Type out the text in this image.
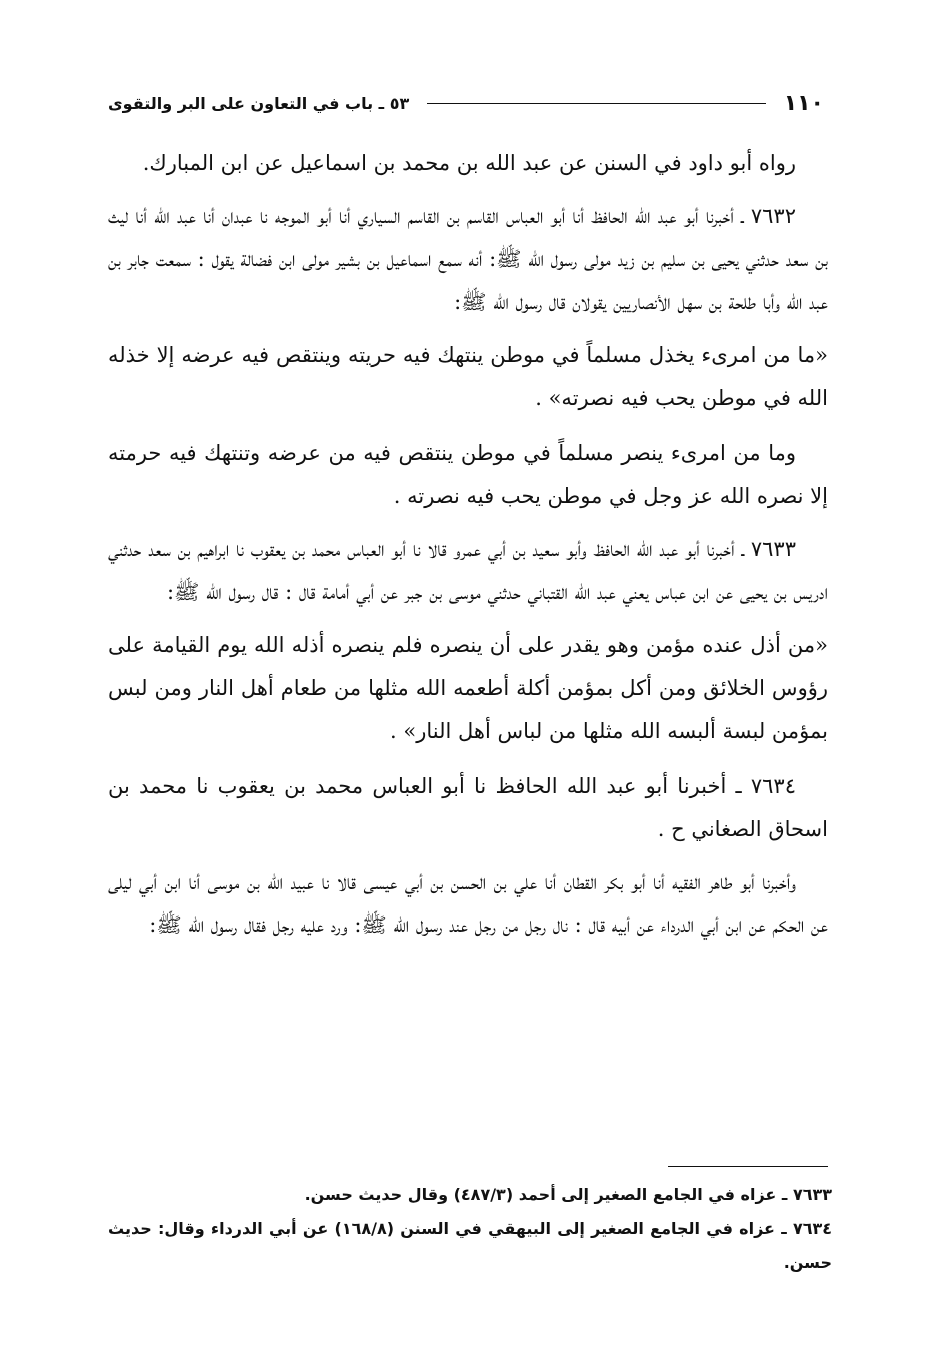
١١٠
٥٣ ـ باب في التعاون على البر والتقوى

رواه أبو داود في السنن عن عبد الله بن محمد بن اسماعيل عن ابن المبارك.

٧٦٣٢ ـ أخبرنا أبو عبد الله الحافظ أنا أبو العباس القاسم بن القاسم السياري أنا أبو الموجه نا عبدان أنا عبد الله أنا ليث بن سعد حدثني يحيى بن سليم بن زيد مولى رسول الله ﷺ: أنه سمع اسماعيل بن بشير مولى ابن فضالة يقول : سمعت جابر بن عبد الله وأبا طلحة بن سهل الأنصاريين يقولان قال رسول الله ﷺ:

«ما من امرىء يخذل مسلماً في موطن ينتهك فيه حريته وينتقص فيه عرضه إلا خذله الله في موطن يحب فيه نصرته» .

وما من امرىء ينصر مسلماً في موطن ينتقص فيه من عرضه وتنتهك فيه حرمته إلا نصره الله عز وجل في موطن يحب فيه نصرته .

٧٦٣٣ ـ أخبرنا أبو عبد الله الحافظ وأبو سعيد بن أبي عمرو قالا نا أبو العباس محمد بن يعقوب نا ابراهيم بن سعد حدثني ادريس بن يحيى عن ابن عباس يعني عبد الله القتباني حدثني موسى بن جبر عن أبي أمامة قال : قال رسول الله ﷺ:

«من أذل عنده مؤمن وهو يقدر على أن ينصره فلم ينصره أذله الله يوم القيامة على رؤوس الخلائق ومن أكل بمؤمن أكلة أطعمه الله مثلها من طعام أهل النار ومن لبس بمؤمن لبسة ألبسه الله مثلها من لباس أهل النار» .

٧٦٣٤ ـ أخبرنا أبو عبد الله الحافظ نا أبو العباس محمد بن يعقوب نا محمد بن اسحاق الصغاني ح .

وأخبرنا أبو طاهر الفقيه أنا أبو بكر القطان أنا علي بن الحسن بن أبي عيسى قالا نا عبيد الله بن موسى أنا ابن أبي ليلى عن الحكم عن ابن أبي الدرداء عن أبيه قال : نال رجل من رجل عند رسول الله ﷺ: ورد عليه رجل فقال رسول الله ﷺ:

٧٦٣٣ ـ عزاه في الجامع الصغير إلى أحمد (٤٨٧/٣) وقال حديث حسن.

٧٦٣٤ ـ عزاه في الجامع الصغير إلى البيهقي في السنن (١٦٨/٨) عن أبي الدرداء وقال: حديث حسن.
